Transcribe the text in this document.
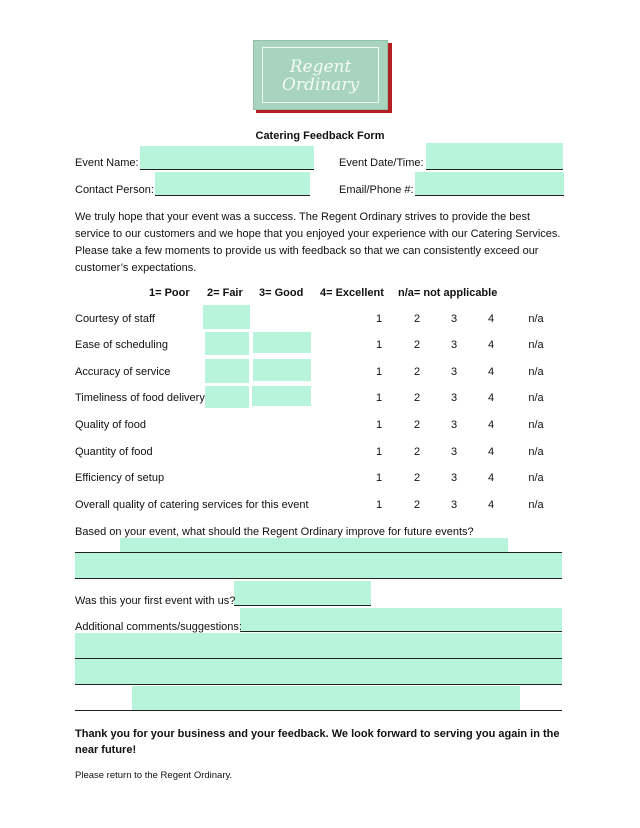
Regent
Ordinary
Catering Feedback Form
Event Name:	Event Date/Time:
Contact Person:	Email/Phone #:
We truly hope that your event was a success. The Regent Ordinary strives to provide the best service to our customers and we hope that you enjoyed your experience with our Catering Services. Please take a few moments to provide us with feedback so that we can consistently exceed our customer’s expectations.
1= Poor 2= Fair 3= Good 4= Excellent n/a= not applicable
Courtesy of staff	1	2	3	4	n/a
Ease of scheduling	1	2	3	4	n/a
Accuracy of service	1	2	3	4	n/a
Timeliness of food delivery	1	2	3	4	n/a
Quality of food	1	2	3	4	n/a
Quantity of food	1	2	3	4	n/a
Efficiency of setup	1	2	3	4	n/a
Overall quality of catering services for this event	1	2	3	4	n/a
Based on your event, what should the Regent Ordinary improve for future events?
Was this your first event with us?
Additional comments/suggestions:
Thank you for your business and your feedback. We look forward to serving you again in the near future!
Please return to the Regent Ordinary.
